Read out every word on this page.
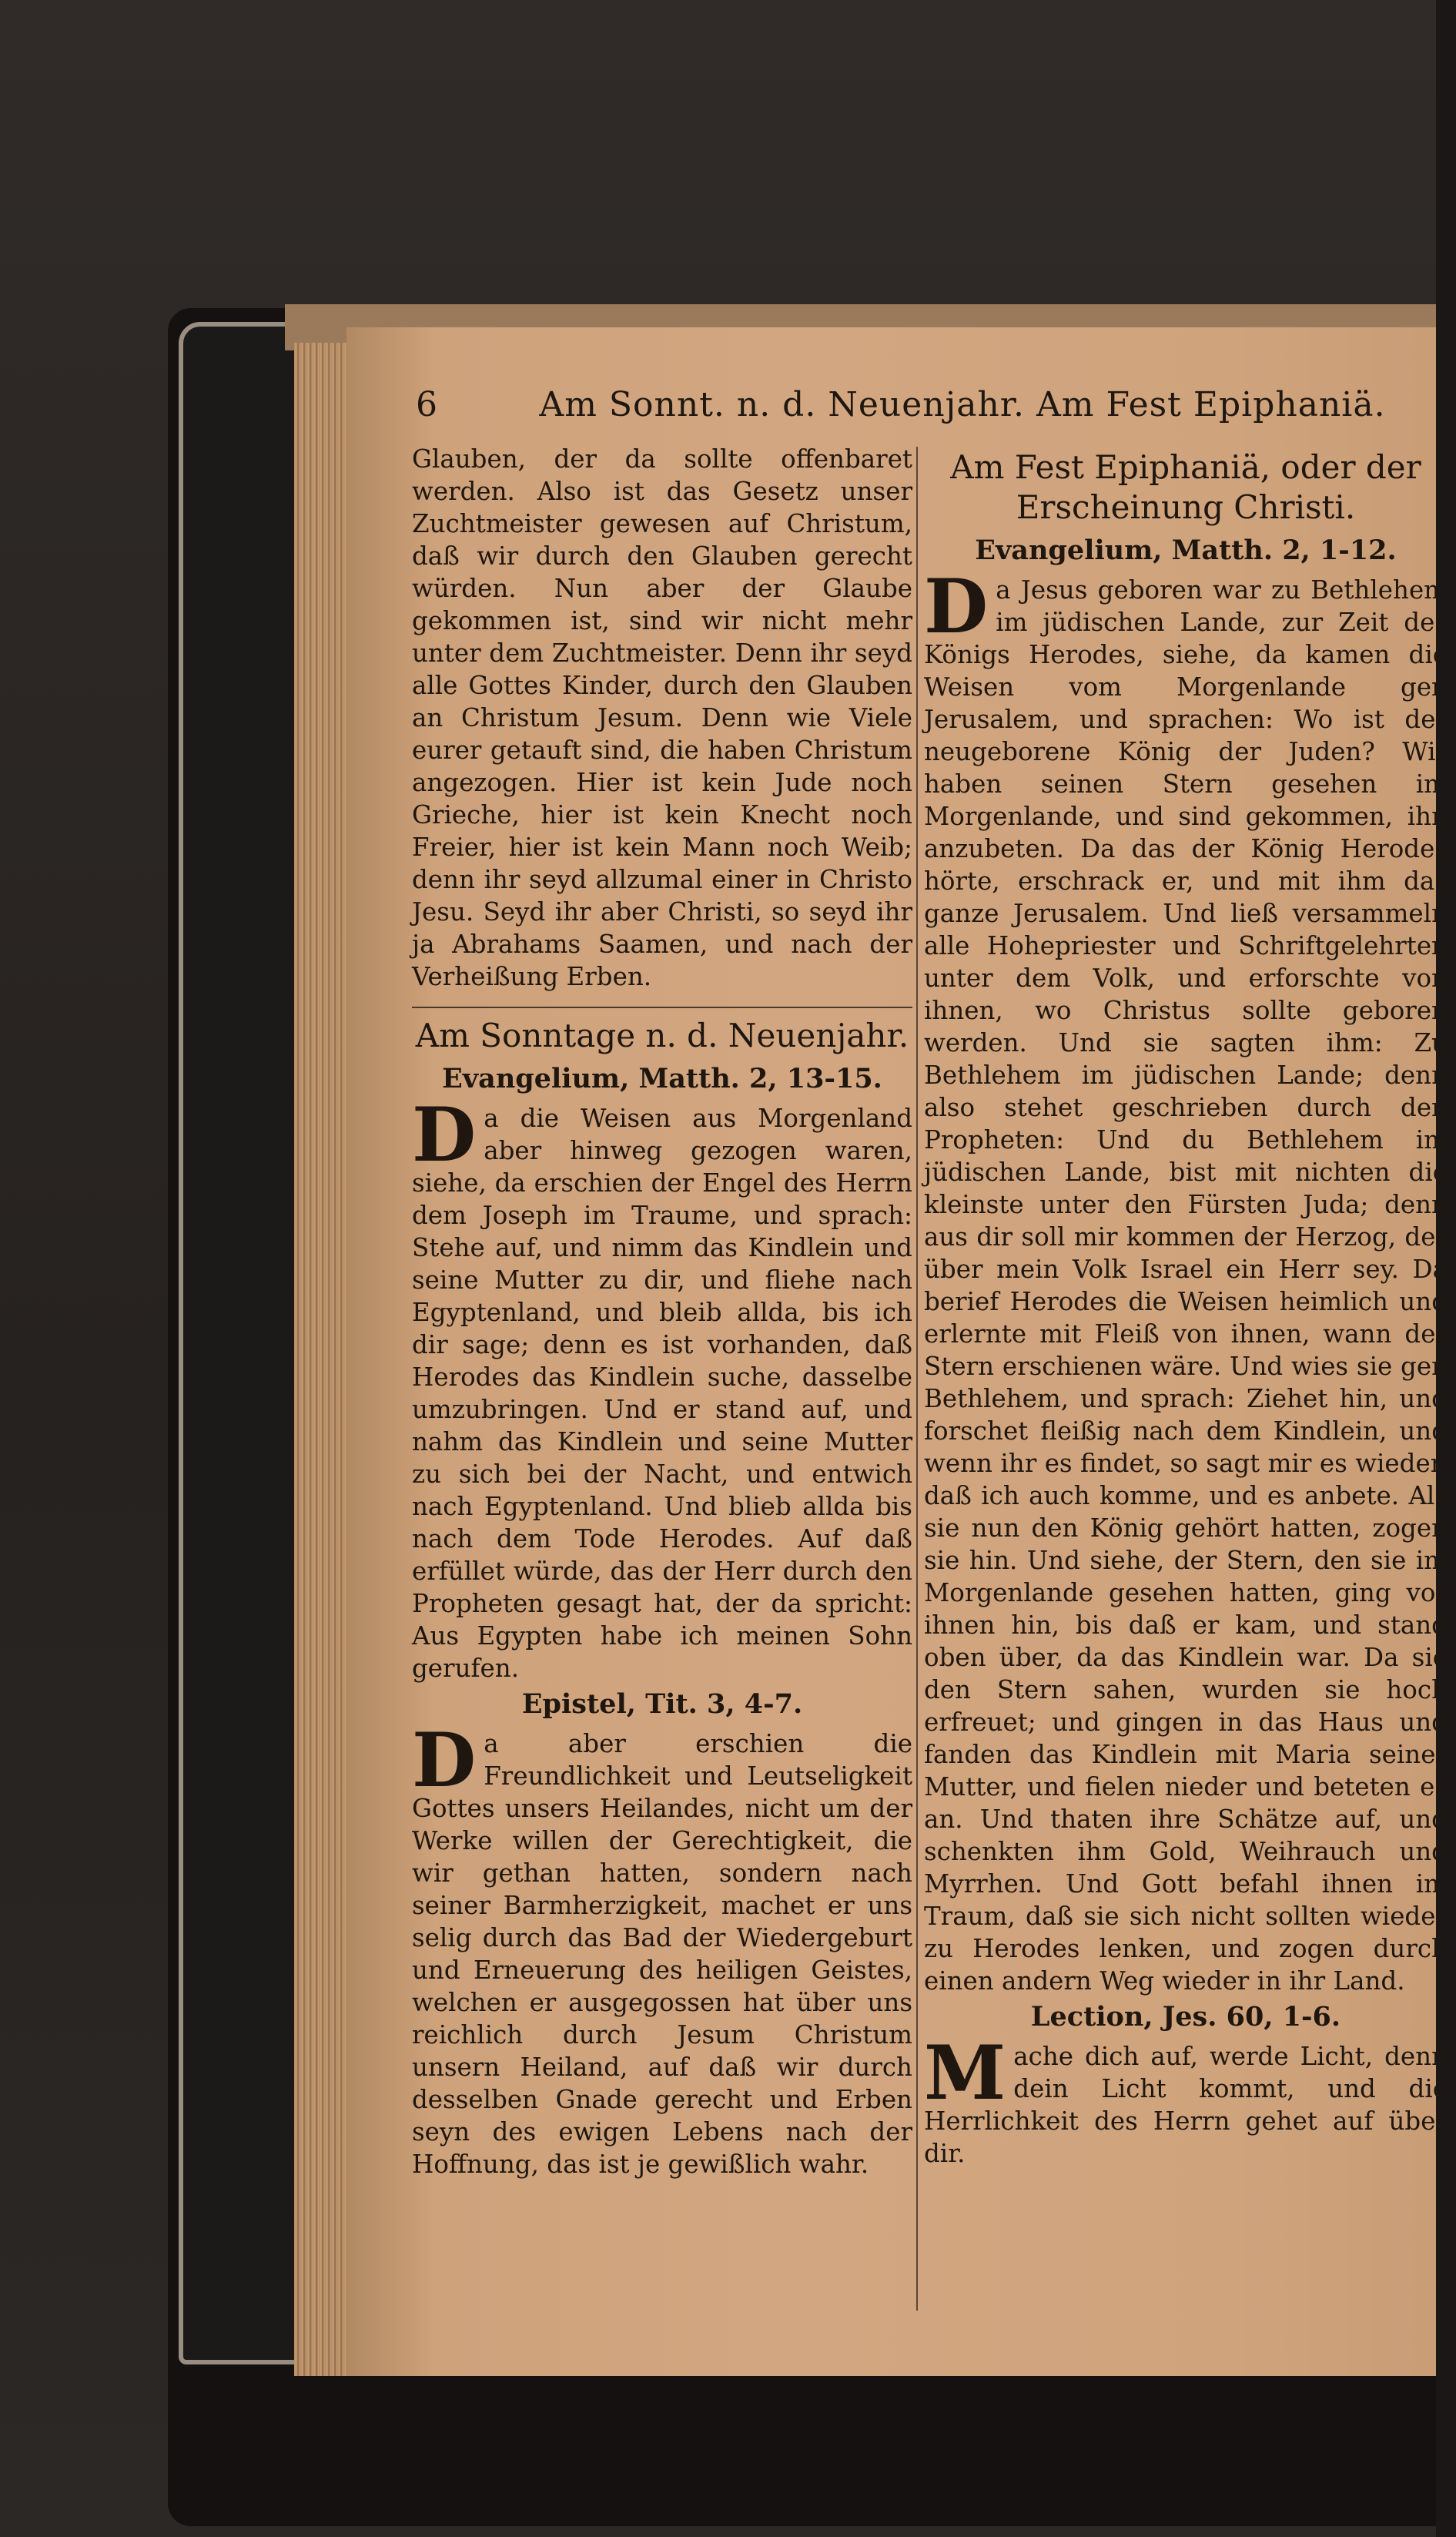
6	Am Sonnt. n. d. Neuenjahr. Am Fest Epiphaniä.

Glauben, der da sollte offenbaret werden. Also ist das Gesetz unser Zuchtmeister gewesen auf Christum, daß wir durch den Glauben gerecht würden. Nun aber der Glaube gekommen ist, sind wir nicht mehr unter dem Zuchtmeister. Denn ihr seyd alle Gottes Kinder, durch den Glauben an Christum Jesum. Denn wie Viele eurer getauft sind, die haben Christum angezogen. Hier ist kein Jude noch Grieche, hier ist kein Knecht noch Freier, hier ist kein Mann noch Weib; denn ihr seyd allzumal einer in Christo Jesu. Seyd ihr aber Christi, so seyd ihr ja Abrahams Saamen, und nach der Verheißung Erben.

Am Sonntage n. d. Neuenjahr.
Evangelium, Matth. 2, 13-15.

Da die Weisen aus Morgenland aber hinweg gezogen waren, siehe, da erschien der Engel des Herrn dem Joseph im Traume, und sprach: Stehe auf, und nimm das Kindlein und seine Mutter zu dir, und fliehe nach Egyptenland, und bleib allda, bis ich dir sage; denn es ist vorhanden, daß Herodes das Kindlein suche, dasselbe umzubringen. Und er stand auf, und nahm das Kindlein und seine Mutter zu sich bei der Nacht, und entwich nach Egyptenland. Und blieb allda bis nach dem Tode Herodes. Auf daß erfüllet würde, das der Herr durch den Propheten gesagt hat, der da spricht: Aus Egypten habe ich meinen Sohn gerufen.

Epistel, Tit. 3, 4-7.

Da aber erschien die Freundlichkeit und Leutseligkeit Gottes unsers Heilandes, nicht um der Werke willen der Gerechtigkeit, die wir gethan hatten, sondern nach seiner Barmherzigkeit, machet er uns selig durch das Bad der Wiedergeburt und Erneuerung des heiligen Geistes, welchen er ausgegossen hat über uns reichlich durch Jesum Christum unsern Heiland, auf daß wir durch desselben Gnade gerecht und Erben seyn des ewigen Lebens nach der Hoffnung, das ist je gewißlich wahr.

Am Fest Epiphaniä, oder der Erscheinung Christi.
Evangelium, Matth. 2, 1-12.

Da Jesus geboren war zu Bethlehem im jüdischen Lande, zur Zeit des Königs Herodes, siehe, da kamen die Weisen vom Morgenlande gen Jerusalem, und sprachen: Wo ist der neugeborene König der Juden? Wir haben seinen Stern gesehen im Morgenlande, und sind gekommen, ihn anzubeten. Da das der König Herodes hörte, erschrack er, und mit ihm das ganze Jerusalem. Und ließ versammeln alle Hohepriester und Schriftgelehrten unter dem Volk, und erforschte von ihnen, wo Christus sollte geboren werden. Und sie sagten ihm: Zu Bethlehem im jüdischen Lande; denn also stehet geschrieben durch den Propheten: Und du Bethlehem im jüdischen Lande, bist mit nichten die kleinste unter den Fürsten Juda; denn aus dir soll mir kommen der Herzog, der über mein Volk Israel ein Herr sey. Da berief Herodes die Weisen heimlich und erlernte mit Fleiß von ihnen, wann der Stern erschienen wäre. Und wies sie gen Bethlehem, und sprach: Ziehet hin, und forschet fleißig nach dem Kindlein, und wenn ihr es findet, so sagt mir es wieder, daß ich auch komme, und es anbete. Als sie nun den König gehört hatten, zogen sie hin. Und siehe, der Stern, den sie im Morgenlande gesehen hatten, ging vor ihnen hin, bis daß er kam, und stand oben über, da das Kindlein war. Da sie den Stern sahen, wurden sie hoch erfreuet; und gingen in das Haus und fanden das Kindlein mit Maria seiner Mutter, und fielen nieder und beteten es an. Und thaten ihre Schätze auf, und schenkten ihm Gold, Weihrauch und Myrrhen. Und Gott befahl ihnen im Traum, daß sie sich nicht sollten wieder zu Herodes lenken, und zogen durch einen andern Weg wieder in ihr Land.

Lection, Jes. 60, 1-6.

Mache dich auf, werde Licht, denn dein Licht kommt, und die Herrlichkeit des Herrn gehet auf über dir.
